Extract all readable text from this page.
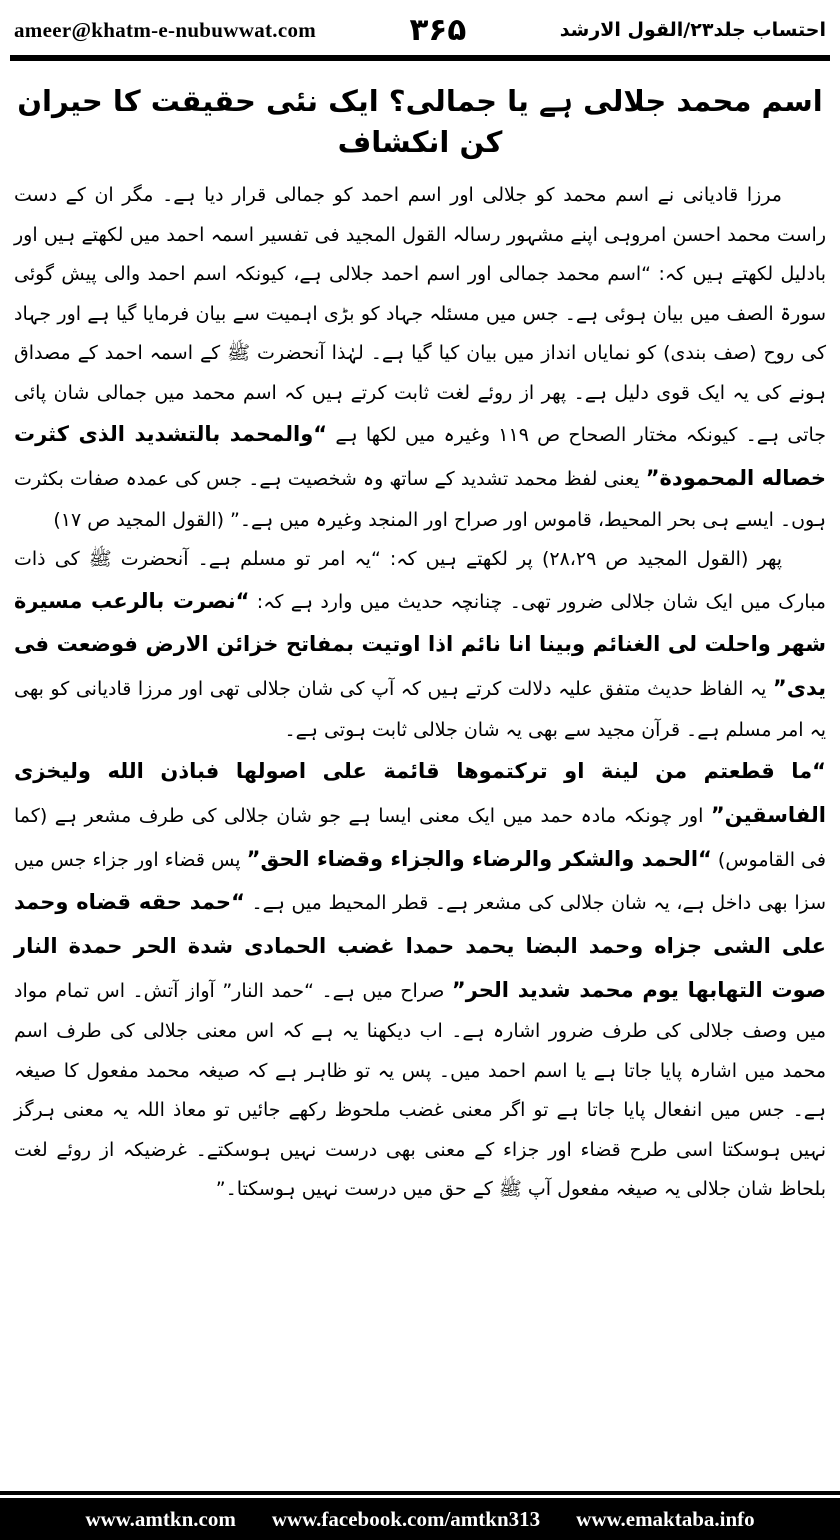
ameer@khatm-e-nubuwwat.com	۳۶۵	احتساب جلد۲۳/القول الارشد
اسم محمد جلالی ہے یا جمالی؟ ایک نئی حقیقت کا حیران کن انکشاف

مرزا قادیانی نے اسم محمد کو جلالی اور اسم احمد کو جمالی قرار دیا ہے۔ مگر ان کے دست راست محمد احسن امروہی اپنے مشہور رسالہ القول المجید فی تفسیر اسمہ احمد میں لکھتے ہیں اور بادلیل لکھتے ہیں کہ: “اسم محمد جمالی اور اسم احمد جلالی ہے، کیونکہ اسم احمد والی پیش گوئی سورۃ الصف میں بیان ہوئی ہے۔ جس میں مسئلہ جہاد کو بڑی اہمیت سے بیان فرمایا گیا ہے اور جہاد کی روح (صف بندی) کو نمایاں انداز میں بیان کیا گیا ہے۔ لہٰذا آنحضرت ﷺ کے اسمہ احمد کے مصداق ہونے کی یہ ایک قوی دلیل ہے۔ پھر از روئے لغت ثابت کرتے ہیں کہ اسم محمد میں جمالی شان پائی جاتی ہے۔ کیونکہ مختار الصحاح ص ۱۱۹ وغیرہ میں لکھا ہے “والمحمد بالتشدید الذی کثرت خصاله المحمودة” یعنی لفظ محمد تشدید کے ساتھ وہ شخصیت ہے۔ جس کی عمدہ صفات بکثرت ہوں۔ ایسے ہی بحر المحیط، قاموس اور صراح اور المنجد وغیرہ میں ہے۔” (القول المجید ص ۱۷)

پھر (القول المجید ص ۲۸،۲۹) پر لکھتے ہیں کہ: “یہ امر تو مسلم ہے۔ آنحضرت ﷺ کی ذات مبارک میں ایک شان جلالی ضرور تھی۔ چنانچہ حدیث میں وارد ہے کہ: “نصرت بالرعب مسیرة شهر واحلت لی الغنائم وبینا انا نائم اذا اوتیت بمفاتح خزائن الارض فوضعت فی یدی” یہ الفاظ حدیث متفق علیہ دلالت کرتے ہیں کہ آپ کی شان جلالی تھی اور مرزا قادیانی کو بھی یہ امر مسلم ہے۔ قرآن مجید سے بھی یہ شان جلالی ثابت ہوتی ہے۔

“ما قطعتم من لینة او ترکتموها قائمة علی اصولها فباذن الله ولیخزی الفاسقین” اور چونکہ مادہ حمد میں ایک معنی ایسا ہے جو شان جلالی کی طرف مشعر ہے (کما فی القاموس) “الحمد والشکر والرضاء والجزاء وقضاء الحق” پس قضاء اور جزاء جس میں سزا بھی داخل ہے، یہ شان جلالی کی مشعر ہے۔ قطر المحیط میں ہے۔ “حمد حقه قضاه وحمد علی الشی جزاه وحمد البضا یحمد حمدا غضب الحمادی شدة الحر حمدة النار صوت التهابها یوم محمد شدید الحر” صراح میں ہے۔ “حمد النار” آواز آتش۔ اس تمام مواد میں وصف جلالی کی طرف ضرور اشارہ ہے۔ اب دیکھنا یہ ہے کہ اس معنی جلالی کی طرف اسم محمد میں اشارہ پایا جاتا ہے یا اسم احمد میں۔ پس یہ تو ظاہر ہے کہ صیغہ محمد مفعول کا صیغہ ہے۔ جس میں انفعال پایا جاتا ہے تو اگر معنی غضب ملحوظ رکھے جائیں تو معاذ اللہ یہ معنی ہرگز نہیں ہوسکتا اسی طرح قضاء اور جزاء کے معنی بھی درست نہیں ہوسکتے۔ غرضیکہ از روئے لغت بلحاظ شان جلالی یہ صیغہ مفعول آپ ﷺ کے حق میں درست نہیں ہوسکتا۔”

www.amtkn.com www.facebook.com/amtkn313 www.emaktaba.info
